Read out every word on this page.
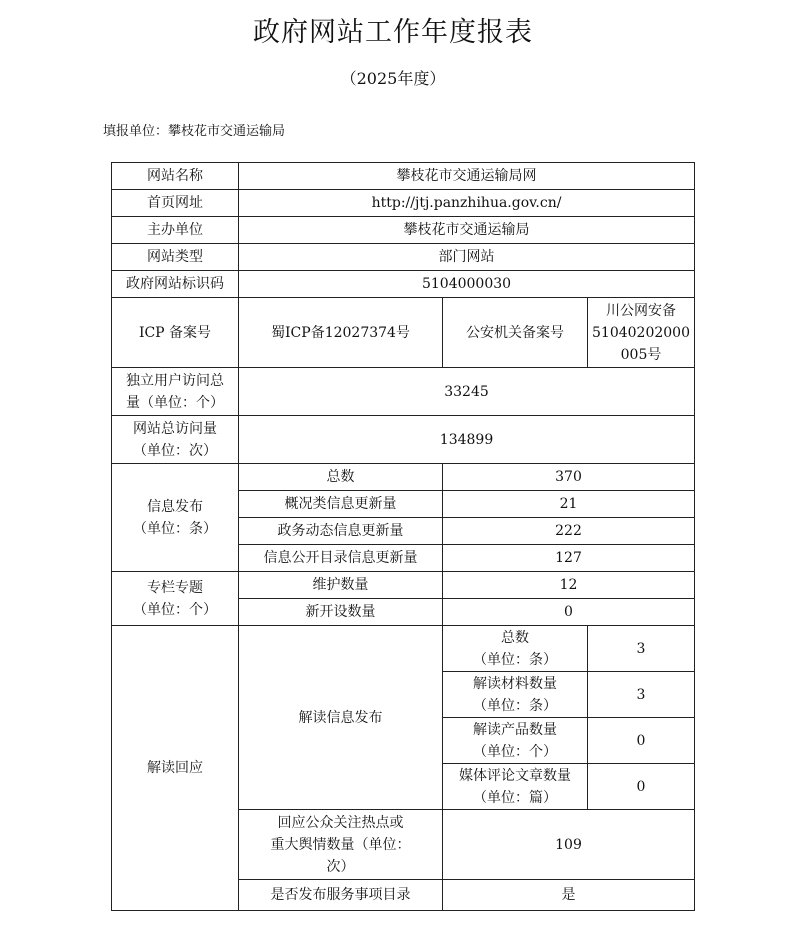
政府网站工作年度报表
（2025年度）
填报单位：攀枝花市交通运输局
网站名称	攀枝花市交通运输局网		
首页网址	http://jtj.panzhihua.gov.cn/		
主办单位	攀枝花市交通运输局		
网站类型	部门网站		
政府网站标识码	5104000030		
ICP 备案号	蜀ICP备12027374号	公安机关备案号	川公网安备
51040202000
005号

独立用户访问总
量（单位：个）	33245		

网站总访问量
（单位：次）	134899		

信息发布
（单位：条）	总数	370	
	概况类信息更新量	21	
	政务动态信息更新量	222	
	信息公开目录信息更新量	127	

专栏专题
（单位：个）	维护数量	12	
	新开设数量	0	
解读回应	解读信息发布	总数
（单位：条）	3

		解读材料数量
（单位：条）	3

		解读产品数量
（单位：个）	0

		媒体评论文章数量
（单位：篇）	0

	回应公众关注热点或
重大舆情数量（单位：
次）	109	
	是否发布服务事项目录	是	
